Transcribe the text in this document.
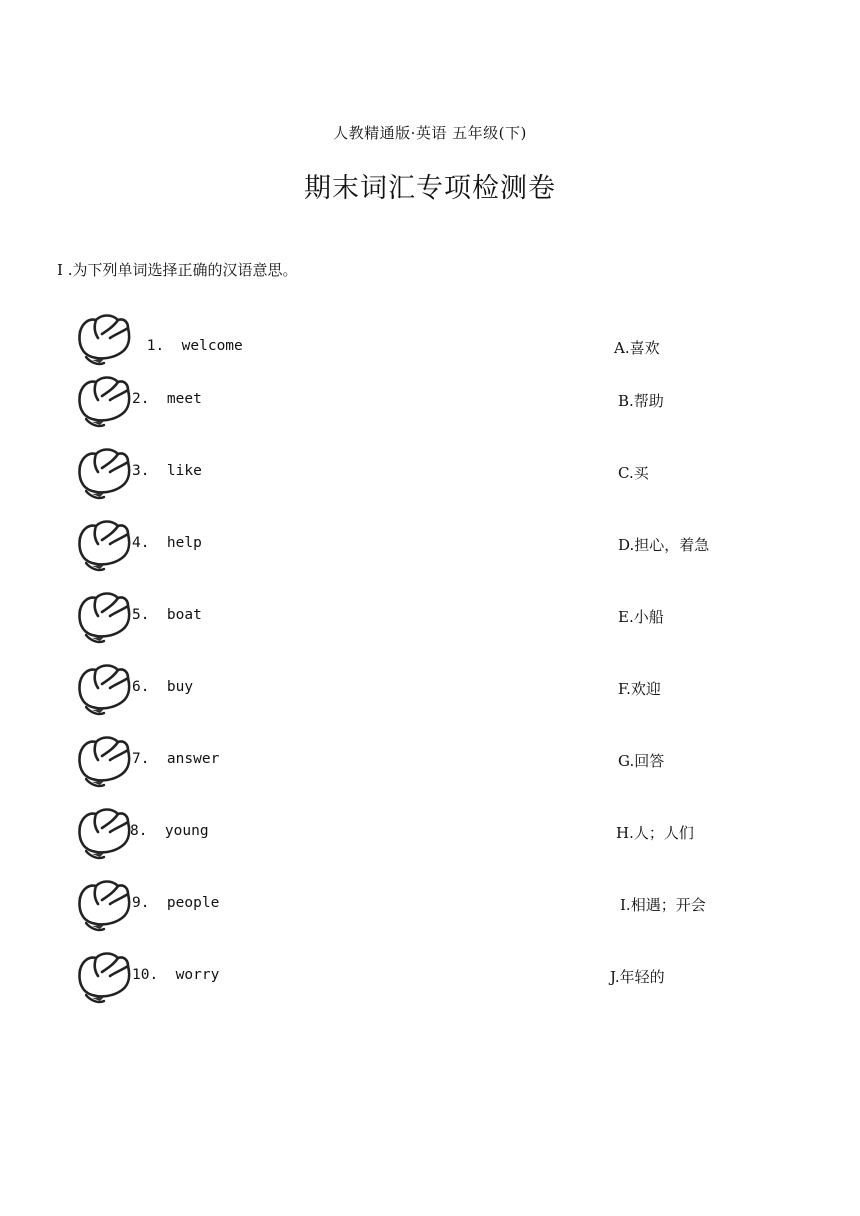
人教精通版·英语 五年级(下)
期末词汇专项检测卷
I .为下列单词选择正确的汉语意思。
1.  welcome	A.喜欢
2.  meet	B.帮助
3.  like	C.买
4.  help	D.担心，着急
5.  boat	E.小船
6.  buy	F.欢迎
7.  answer	G.回答
8.  young	H.人；人们
9.  people	I.相遇；开会
10.  worry	J.年轻的
